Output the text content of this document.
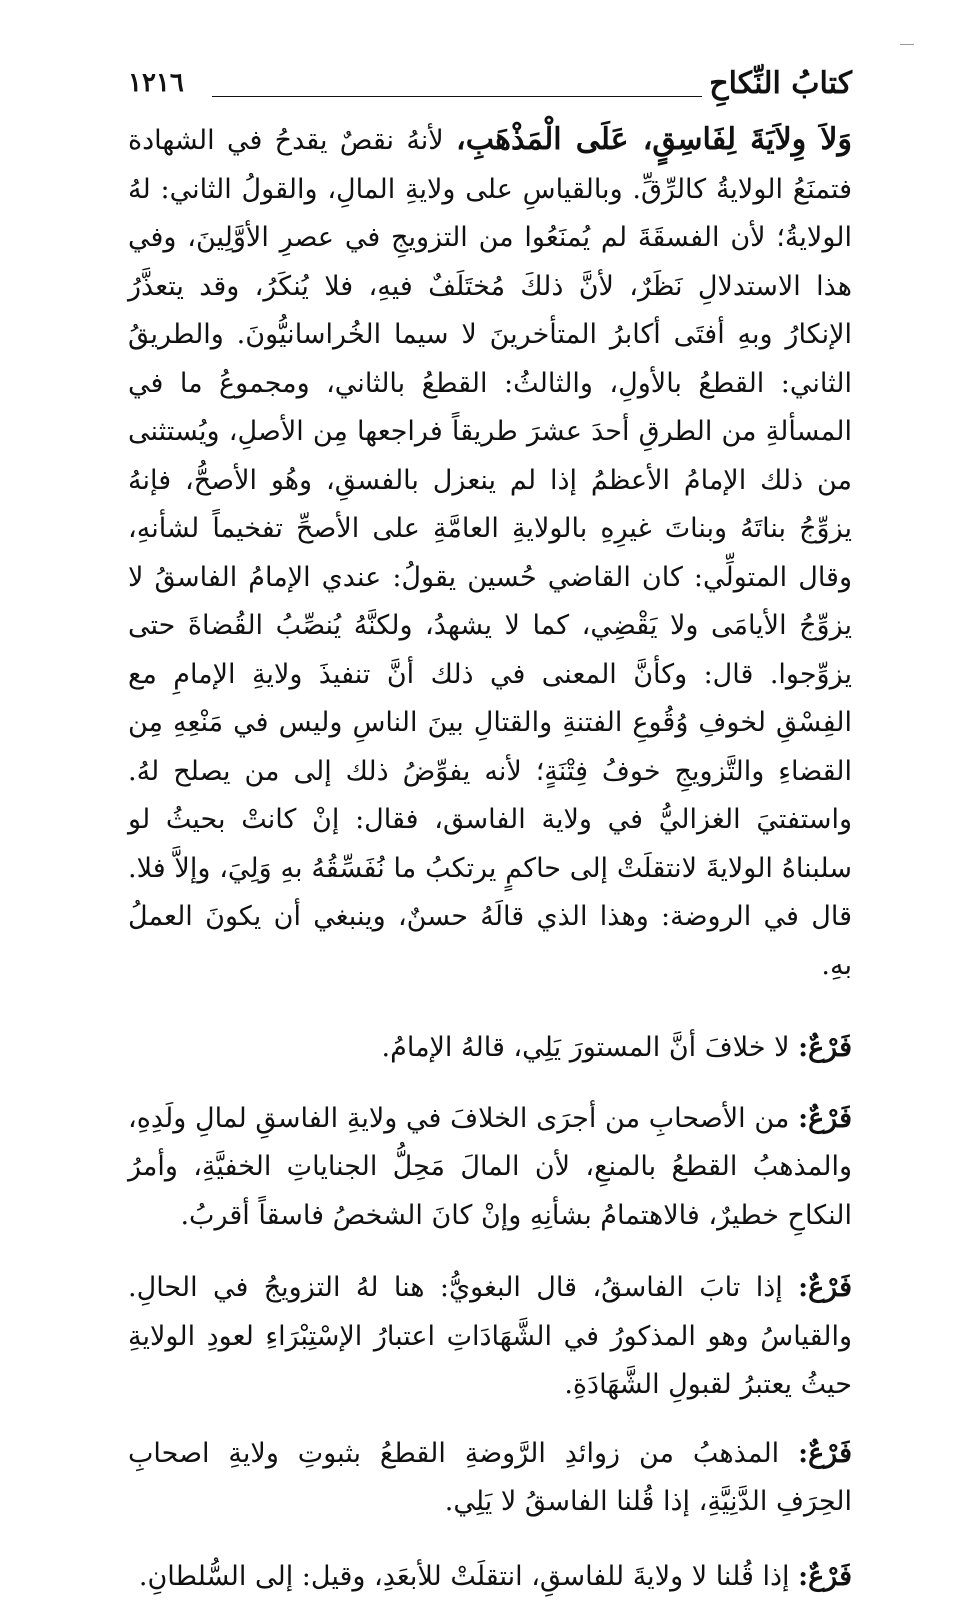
١٢١٦	كتابُ النِّكاحِ

وَلاَ وِلاَيَةَ لِفَاسِقٍ، عَلَى الْمَذْهَبِ، لأنهُ نقصٌ يقدحُ في الشهادة فتمنَعُ الولايةُ كالرِّقِّ. وبالقياسِ على ولايةِ المالِ، والقولُ الثاني: لهُ الولايةُ؛ لأن الفسقَةَ لم يُمنَعُوا من التزويجِ في عصرِ الأوَّلِينَ، وفي هذا الاستدلالِ نَظَرٌ، لأنَّ ذلكَ مُختَلَفٌ فيهِ، فلا يُنكَرُ، وقد يتعذَّرُ الإنكارُ وبهِ أفتَى أكابرُ المتأخرينَ لا سيما الخُراسانيُّونَ. والطريقُ الثاني: القطعُ بالأولِ، والثالثُ: القطعُ بالثاني، ومجموعُ ما في المسألةِ من الطرقِ أحدَ عشرَ طريقاً فراجعها مِن الأصلِ، ويُستثنى من ذلك الإمامُ الأعظمُ إذا لم ينعزل بالفسقِ، وهُو الأصحُّ، فإنهُ يزوِّجُ بناتَهُ وبناتَ غيرِهِ بالولايةِ العامَّةِ على الأصحِّ تفخيماً لشأنهِ، وقال المتولِّي: كان القاضي حُسين يقولُ: عندي الإمامُ الفاسقُ لا يزوِّجُ الأيامَى ولا يَقْضِي، كما لا يشهدُ، ولكنَّهُ يُنصِّبُ القُضاةَ حتى يزوِّجوا. قال: وكأنَّ المعنى في ذلك أنَّ تنفيذَ ولايةِ الإمامِ مع الفِسْقِ لخوفِ وُقُوعِ الفتنةِ والقتالِ بينَ الناسِ وليس في مَنْعِهِ مِن القضاءِ والتَّزويجِ خوفُ فِتْنَةٍ؛ لأنه يفوِّضُ ذلك إلى من يصلح لهُ. واستفتيَ الغزاليُّ في ولاية الفاسق، فقال: إنْ كانتْ بحيثُ لو سلبناهُ الولايةَ لانتقلَتْ إلى حاكمٍ يرتكبُ ما نُفَسِّقُهُ بهِ وَلِيَ، وإلاَّ فلا. قال في الروضة: وهذا الذي قالَهُ حسنٌ، وينبغي أن يكونَ العملُ بهِ.

فَرْعٌ: لا خلافَ أنَّ المستورَ يَلِي، قالهُ الإمامُ.

فَرْعٌ: من الأصحابِ من أجرَى الخلافَ في ولايةِ الفاسقِ لمالِ ولَدِهِ، والمذهبُ القطعُ بالمنعِ، لأن المالَ مَحِلُّ الجناياتِ الخفيَّةِ، وأمرُ النكاحِ خطيرٌ، فالاهتمامُ بشأنِهِ وإنْ كانَ الشخصُ فاسقاً أقربُ.

فَرْعٌ: إذا تابَ الفاسقُ، قال البغويُّ: هنا لهُ التزويجُ في الحالِ. والقياسُ وهو المذكورُ في الشَّهَادَاتِ اعتبارُ الإسْتِبْرَاءِ لعودِ الولايةِ حيثُ يعتبرُ لقبولِ الشَّهَادَةِ.

فَرْعٌ: المذهبُ من زوائدِ الرَّوضةِ القطعُ بثبوتِ ولايةِ اصحابِ الحِرَفِ الدَّنِيَّةِ، إذا قُلنا الفاسقُ لا يَلِي.

فَرْعٌ: إذا قُلنا لا ولايةَ للفاسقِ، انتقلَتْ للأبعَدِ، وقيل: إلى السُّلطانِ.
